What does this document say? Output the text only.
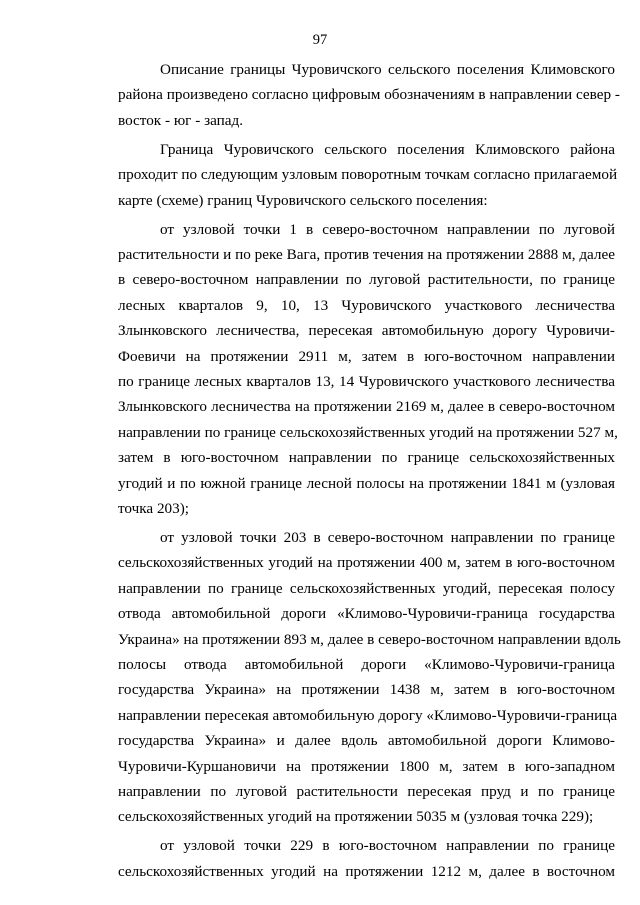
97
Описание границы Чуровичского сельского поселения Климовского
района произведено согласно цифровым обозначениям в направлении север -
восток - юг - запад.
Граница Чуровичского сельского поселения Климовского района
проходит по следующим узловым поворотным точкам согласно прилагаемой
карте (схеме) границ Чуровичского сельского поселения:
от узловой точки 1 в северо-восточном направлении по луговой
растительности и по реке Вага, против течения на протяжении 2888 м, далее
в северо-восточном направлении по луговой растительности, по границе
лесных кварталов 9, 10, 13 Чуровичского участкового лесничества
Злынковского лесничества, пересекая автомобильную дорогу Чуровичи-
Фоевичи на протяжении 2911 м, затем в юго-восточном направлении
по границе лесных кварталов 13, 14 Чуровичского участкового лесничества
Злынковского лесничества на протяжении 2169 м, далее в северо-восточном
направлении по границе сельскохозяйственных угодий на протяжении 527 м,
затем в юго-восточном направлении по границе сельскохозяйственных
угодий и по южной границе лесной полосы на протяжении 1841 м (узловая
точка 203);
от узловой точки 203 в северо-восточном направлении по границе
сельскохозяйственных угодий на протяжении 400 м, затем в юго-восточном
направлении по границе сельскохозяйственных угодий, пересекая полосу
отвода автомобильной дороги «Климово-Чуровичи-граница государства
Украина» на протяжении 893 м, далее в северо-восточном направлении вдоль
полосы отвода автомобильной дороги «Климово-Чуровичи-граница
государства Украина» на протяжении 1438 м, затем в юго-восточном
направлении пересекая автомобильную дорогу «Климово-Чуровичи-граница
государства Украина» и далее вдоль автомобильной дороги Климово-
Чуровичи-Куршановичи на протяжении 1800 м, затем в юго-западном
направлении по луговой растительности пересекая пруд и по границе
сельскохозяйственных угодий на протяжении 5035 м (узловая точка 229);
от узловой точки 229 в юго-восточном направлении по границе
сельскохозяйственных угодий на протяжении 1212 м, далее в восточном
